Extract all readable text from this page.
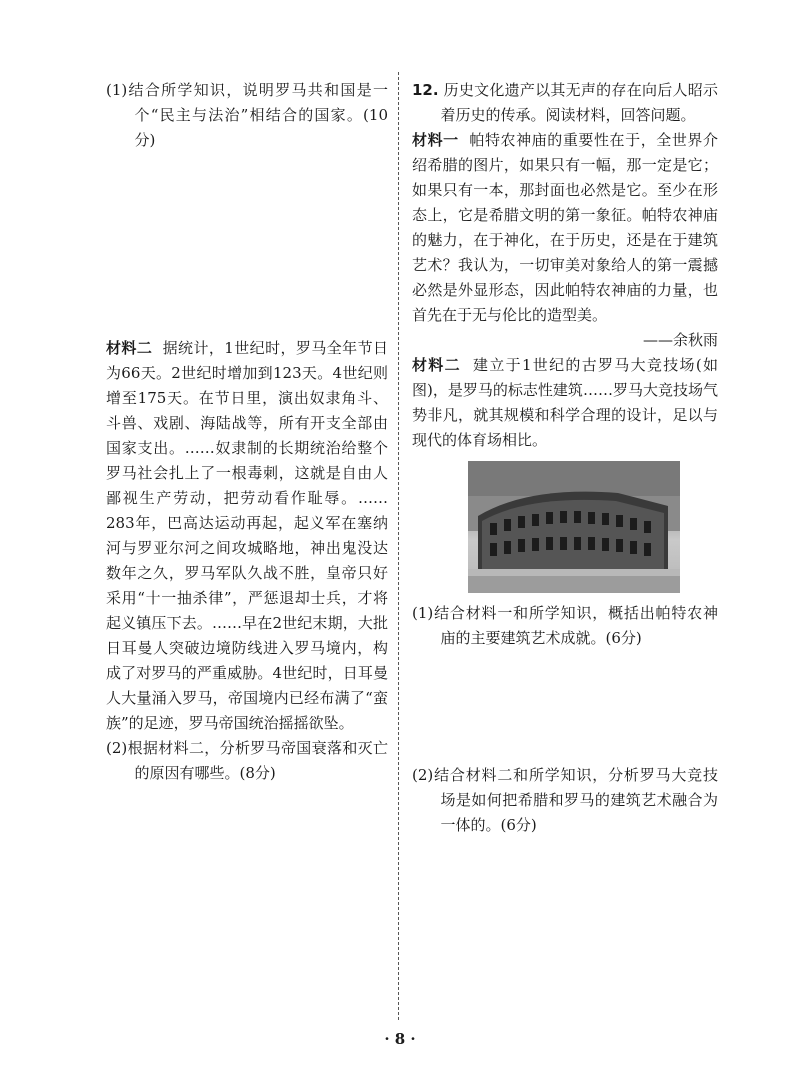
(1)结合所学知识，说明罗马共和国是一个“民主与法治”相结合的国家。(10分)

材料二 据统计，1世纪时，罗马全年节日为66天。2世纪时增加到123天。4世纪则增至175天。在节日里，演出奴隶角斗、斗兽、戏剧、海陆战等，所有开支全部由国家支出。……奴隶制的长期统治给整个罗马社会扎上了一根毒刺，这就是自由人鄙视生产劳动，把劳动看作耻辱。……283年，巴高达运动再起，起义军在塞纳河与罗亚尔河之间攻城略地，神出鬼没达数年之久，罗马军队久战不胜，皇帝只好采用“十一抽杀律”，严惩退却士兵，才将起义镇压下去。……早在2世纪末期，大批日耳曼人突破边境防线进入罗马境内，构成了对罗马的严重威胁。4世纪时，日耳曼人大量涌入罗马，帝国境内已经布满了“蛮族”的足迹，罗马帝国统治摇摇欲坠。

(2)根据材料二，分析罗马帝国衰落和灭亡的原因有哪些。(8分)

12. 历史文化遗产以其无声的存在向后人昭示着历史的传承。阅读材料，回答问题。

材料一 帕特农神庙的重要性在于，全世界介绍希腊的图片，如果只有一幅，那一定是它；如果只有一本，那封面也必然是它。至少在形态上，它是希腊文明的第一象征。帕特农神庙的魅力，在于神化，在于历史，还是在于建筑艺术？我认为，一切审美对象给人的第一震撼必然是外显形态，因此帕特农神庙的力量，也首先在于无与伦比的造型美。

——余秋雨

材料二 建立于1世纪的古罗马大竞技场(如图)，是罗马的标志性建筑……罗马大竞技场气势非凡，就其规模和科学合理的设计，足以与现代的体育场相比。

(1)结合材料一和所学知识，概括出帕特农神庙的主要建筑艺术成就。(6分)

(2)结合材料二和所学知识，分析罗马大竞技场是如何把希腊和罗马的建筑艺术融合为一体的。(6分)

· 8 ·
